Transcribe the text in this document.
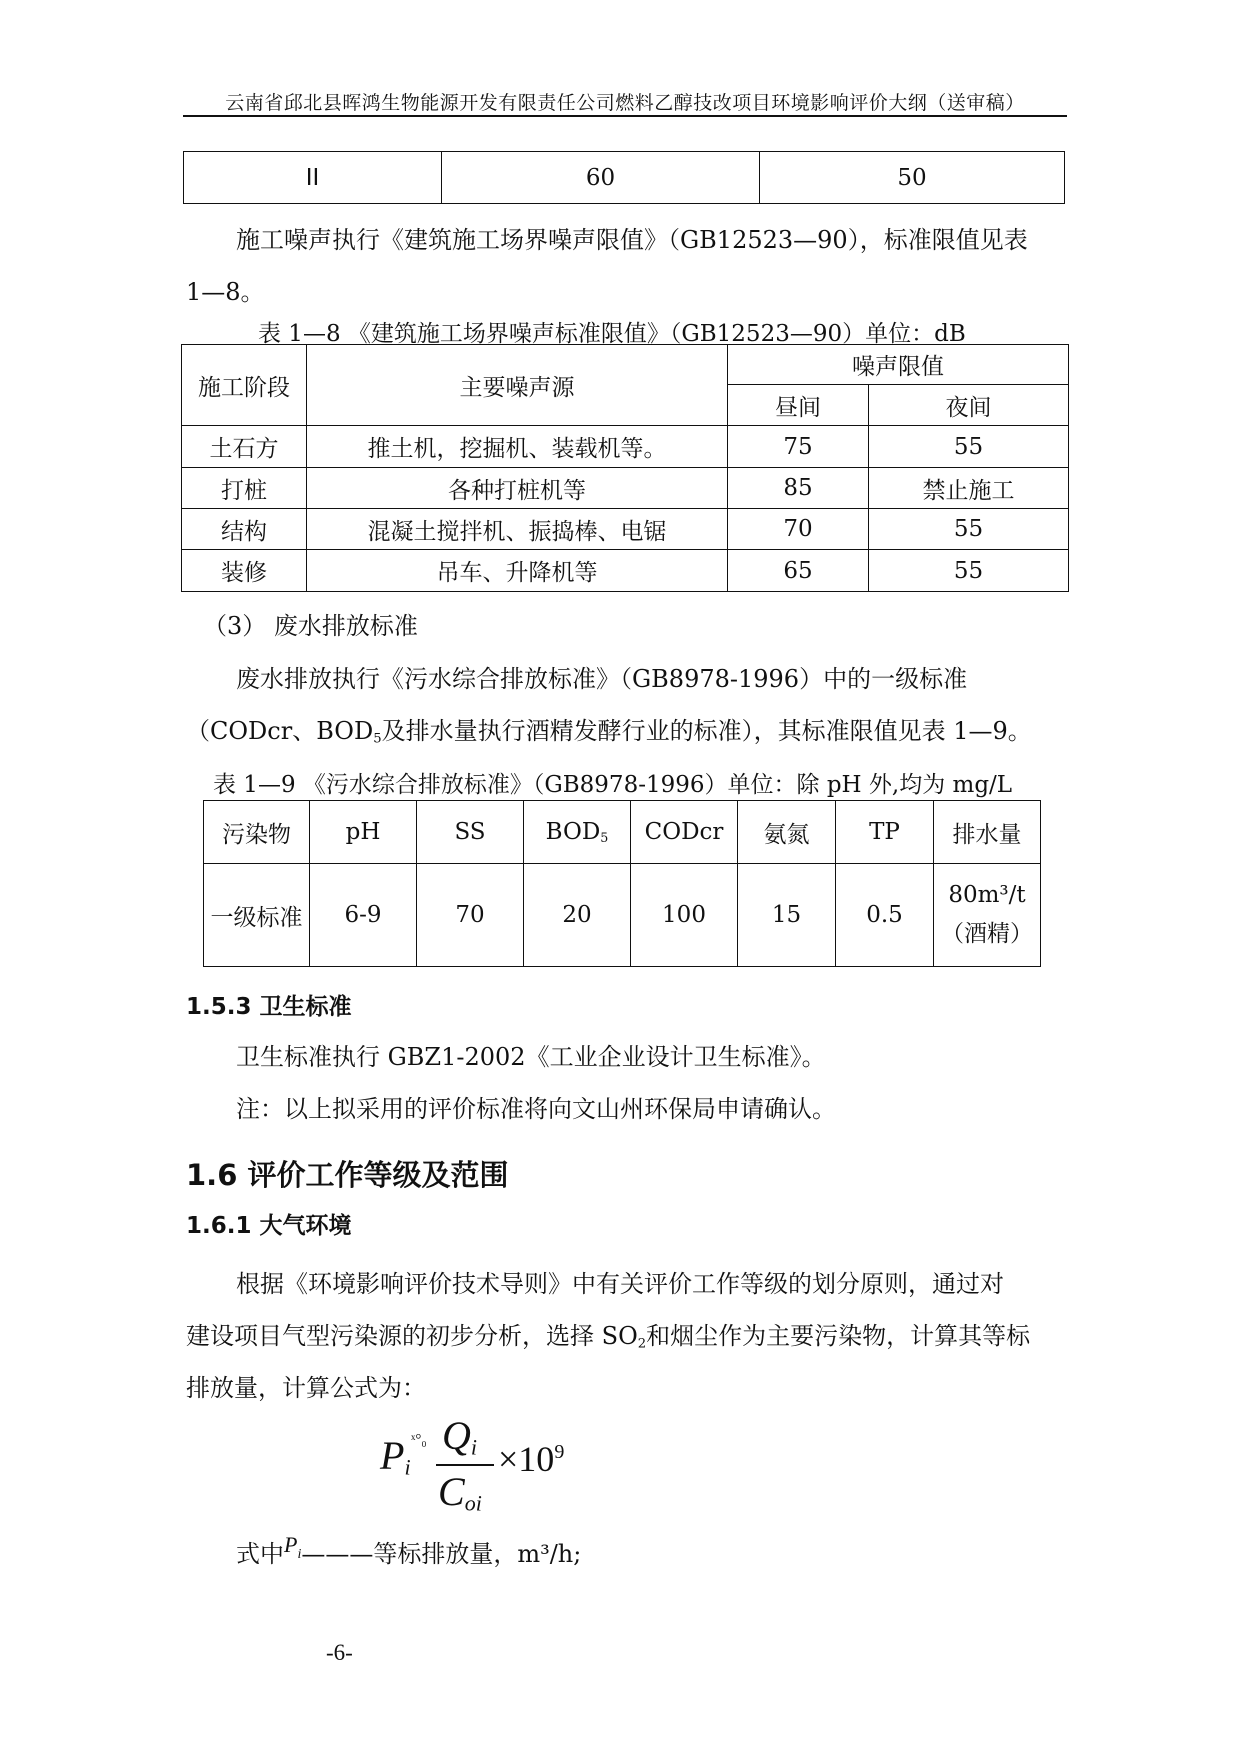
云南省邱北县晖鸿生物能源开发有限责任公司燃料乙醇技改项目环境影响评价大纲（送审稿）
II	60	50
施工噪声执行《建筑施工场界噪声限值》（GB12523—90），标准限值见表
1—8。
表 1—8 《建筑施工场界噪声标准限值》（GB12523—90）单位：dB
施工阶段	主要噪声源	噪声限值	
		昼间	夜间
土石方	推土机，挖掘机、装载机等。	75	55
打桩	各种打桩机等	85	禁止施工
结构	混凝土搅拌机、振捣棒、电锯	70	55
装修	吊车、升降机等	65	55
（3） 废水排放标准
废水排放执行《污水综合排放标准》（GB8978-1996）中的一级标准
（CODcr、$BOD_5$及排水量执行酒精发酵行业的标准），其标准限值见表 1—9。
表 1—9 《污水综合排放标准》（GB8978-1996）单位：除 pH 外,均为 mg/L
污染物	pH	SS	$BOD_5$	CODcr	氨氮	TP	排水量
一级标准	6-9	70	20	100	15	0.5	80m³/t
（酒精）
1.5.3 卫生标准
卫生标准执行 GBZ1-2002《工业企业设计卫生标准》。
注：以上拟采用的评价标准将向文山州环保局申请确认。
1.6 评价工作等级及范围
1.6.1 大气环境
根据《环境影响评价技术导则》中有关评价工作等级的划分原则，通过对
建设项目气型污染源的初步分析，选择 $SO_2$和烟尘作为主要污染物，计算其等标
排放量，计算公式为：
$P_i$
ˣ°₀ $Q_i$
$C_{oi}$
$\times 10^9$
式中$P_i———$等标排放量，m³/h;
-6-
